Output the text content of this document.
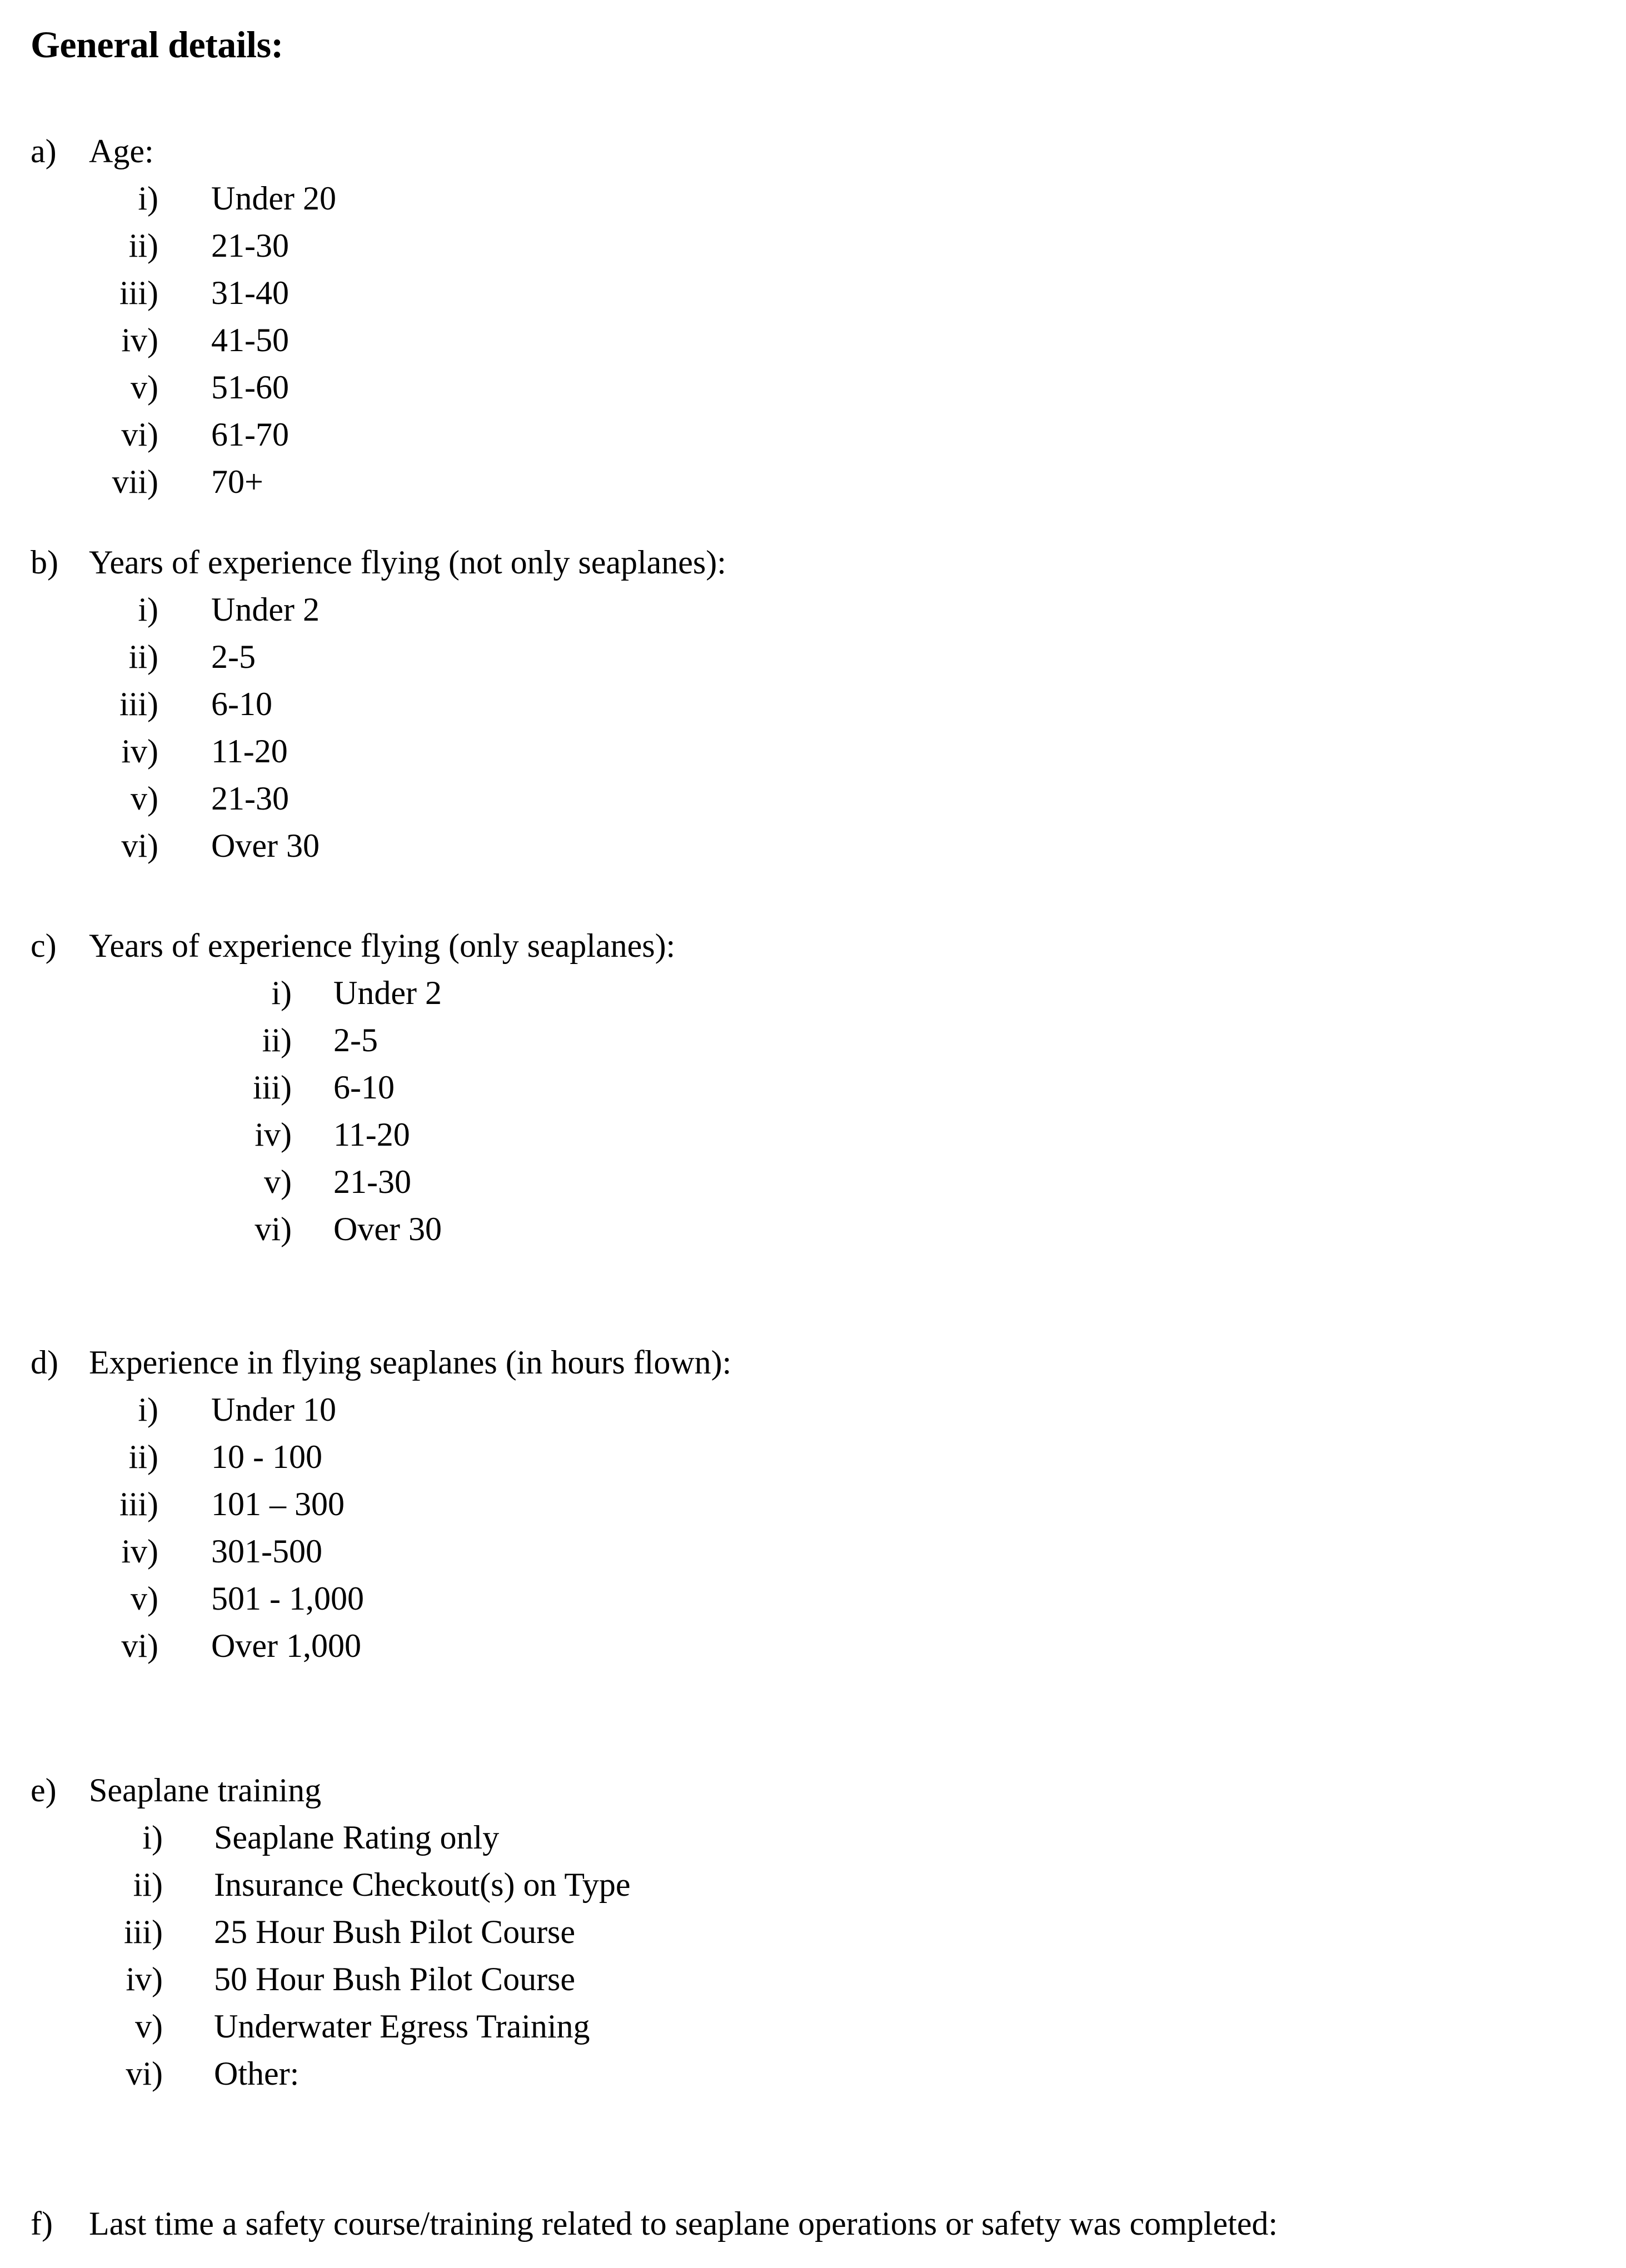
General details:
a) Age:
i) Under 20
ii) 21-30
iii) 31-40
iv) 41-50
v) 51-60
vi) 61-70
vii) 70+
b) Years of experience flying (not only seaplanes):
i) Under 2
ii) 2-5
iii) 6-10
iv) 11-20
v) 21-30
vi) Over 30
c) Years of experience flying (only seaplanes):
i) Under 2
ii) 2-5
iii) 6-10
iv) 11-20
v) 21-30
vi) Over 30
d) Experience in flying seaplanes (in hours flown):
i) Under 10
ii) 10 - 100
iii) 101 – 300
iv) 301-500
v) 501 - 1,000
vi) Over 1,000
e) Seaplane training
i) Seaplane Rating only
ii) Insurance Checkout(s) on Type
iii) 25 Hour Bush Pilot Course
iv) 50 Hour Bush Pilot Course
v) Underwater Egress Training
vi) Other:
f) Last time a safety course/training related to seaplane operations or safety was completed:
